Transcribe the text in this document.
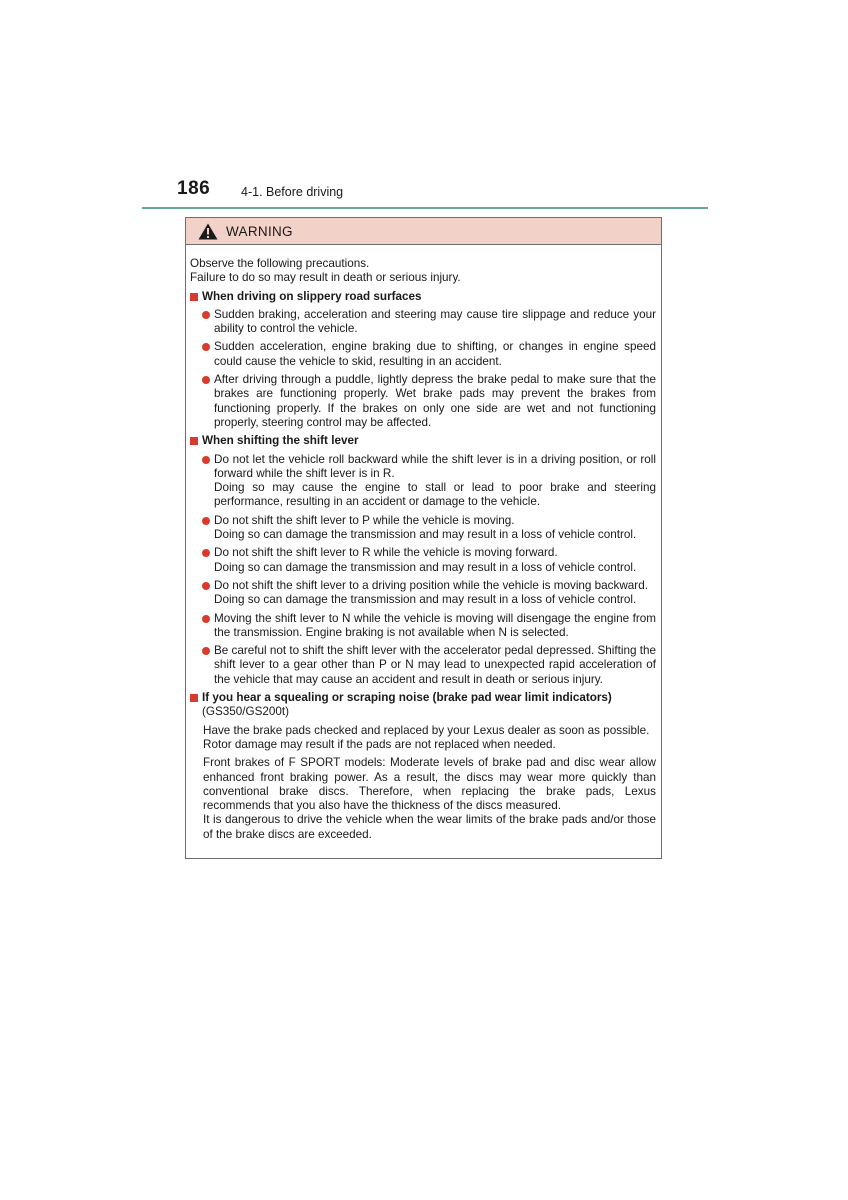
186 4-1. Before driving
WARNING

Observe the following precautions.
Failure to do so may result in death or serious injury.

When driving on slippery road surfaces
Sudden braking, acceleration and steering may cause tire slippage and reduce your ability to control the vehicle.
Sudden acceleration, engine braking due to shifting, or changes in engine speed could cause the vehicle to skid, resulting in an accident.
After driving through a puddle, lightly depress the brake pedal to make sure that the brakes are functioning properly. Wet brake pads may prevent the brakes from functioning properly. If the brakes on only one side are wet and not functioning properly, steering control may be affected.
When shifting the shift lever
Do not let the vehicle roll backward while the shift lever is in a driving position, or roll forward while the shift lever is in R.
Doing so may cause the engine to stall or lead to poor brake and steering performance, resulting in an accident or damage to the vehicle.
Do not shift the shift lever to P while the vehicle is moving.
Doing so can damage the transmission and may result in a loss of vehicle control.
Do not shift the shift lever to R while the vehicle is moving forward.
Doing so can damage the transmission and may result in a loss of vehicle control.
Do not shift the shift lever to a driving position while the vehicle is moving backward.
Doing so can damage the transmission and may result in a loss of vehicle control.
Moving the shift lever to N while the vehicle is moving will disengage the engine from the transmission. Engine braking is not available when N is selected.
Be careful not to shift the shift lever with the accelerator pedal depressed. Shifting the shift lever to a gear other than P or N may lead to unexpected rapid acceleration of the vehicle that may cause an accident and result in death or serious injury.
If you hear a squealing or scraping noise (brake pad wear limit indicators) (GS350/GS200t)

Have the brake pads checked and replaced by your Lexus dealer as soon as possible.
Rotor damage may result if the pads are not replaced when needed.

Front brakes of F SPORT models: Moderate levels of brake pad and disc wear allow enhanced front braking power. As a result, the discs may wear more quickly than conventional brake discs. Therefore, when replacing the brake pads, Lexus recommends that you also have the thickness of the discs measured.
It is dangerous to drive the vehicle when the wear limits of the brake pads and/or those of the brake discs are exceeded.
